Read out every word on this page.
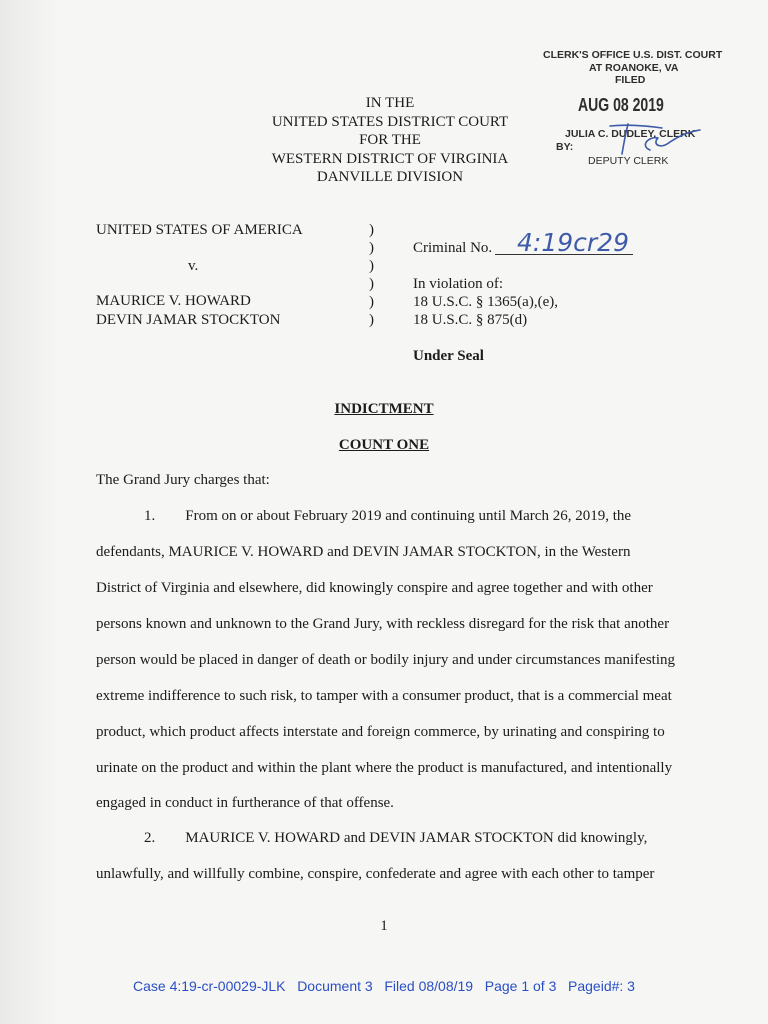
CLERK'S OFFICE U.S. DIST. COURT
AT ROANOKE, VA
FILED
AUG 08 2019
JULIA C. DUDLEY, CLERK
BY:
DEPUTY CLERK
IN THE
UNITED STATES DISTRICT COURT
FOR THE
WESTERN DISTRICT OF VIRGINIA
DANVILLE DIVISION
UNITED STATES OF AMERICA
v.
MAURICE V. HOWARD
DEVIN JAMAR STOCKTON
)
)
)
)
)
)
Criminal No. 4:19cr29
In violation of:
18 U.S.C. § 1365(a),(e),
18 U.S.C. § 875(d)
Under Seal
INDICTMENT
COUNT ONE
The Grand Jury charges that:
1.        From on or about February 2019 and continuing until March 26, 2019, the
defendants, MAURICE V. HOWARD and DEVIN JAMAR STOCKTON, in the Western
District of Virginia and elsewhere, did knowingly conspire and agree together and with other
persons known and unknown to the Grand Jury, with reckless disregard for the risk that another
person would be placed in danger of death or bodily injury and under circumstances manifesting
extreme indifference to such risk, to tamper with a consumer product, that is a commercial meat
product, which product affects interstate and foreign commerce, by urinating and conspiring to
urinate on the product and within the plant where the product is manufactured, and intentionally
engaged in conduct in furtherance of that offense.
2.        MAURICE V. HOWARD and DEVIN JAMAR STOCKTON did knowingly,
unlawfully, and willfully combine, conspire, confederate and agree with each other to tamper
1
Case 4:19-cr-00029-JLK   Document 3   Filed 08/08/19   Page 1 of 3   Pageid#: 3
